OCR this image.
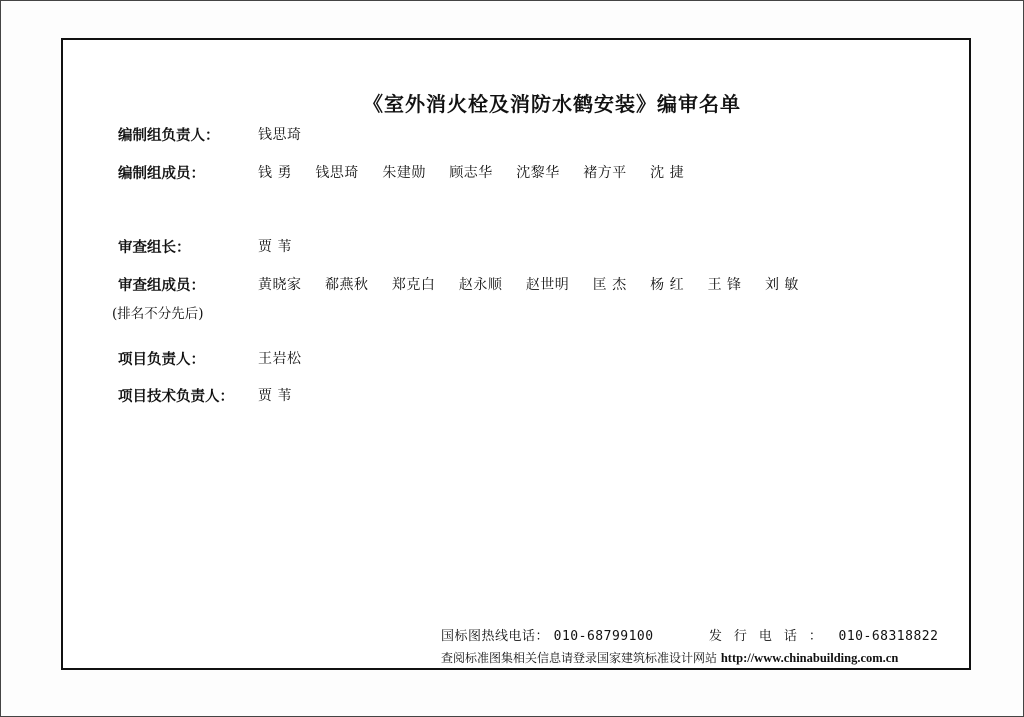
《室外消火栓及消防水鹤安装》编审名单
编制组负责人：	钱思琦
编制组成员：	钱 勇 钱思琦 朱建勋 顾志华 沈黎华 褚方平 沈 捷
审查组长：	贾 苇
审查组成员：	黄晓家 郗燕秋 郑克白 赵永顺 赵世明 匡 杰 杨 红 王 锋 刘 敏
(排名不分先后)
项目负责人：	王岩松
项目技术负责人： 贾 苇
国标图热线电话： 010-68799100	发行电话： 010-68318822
查阅标准图集相关信息请登录国家建筑标准设计网站 http://www.chinabuilding.com.cn
